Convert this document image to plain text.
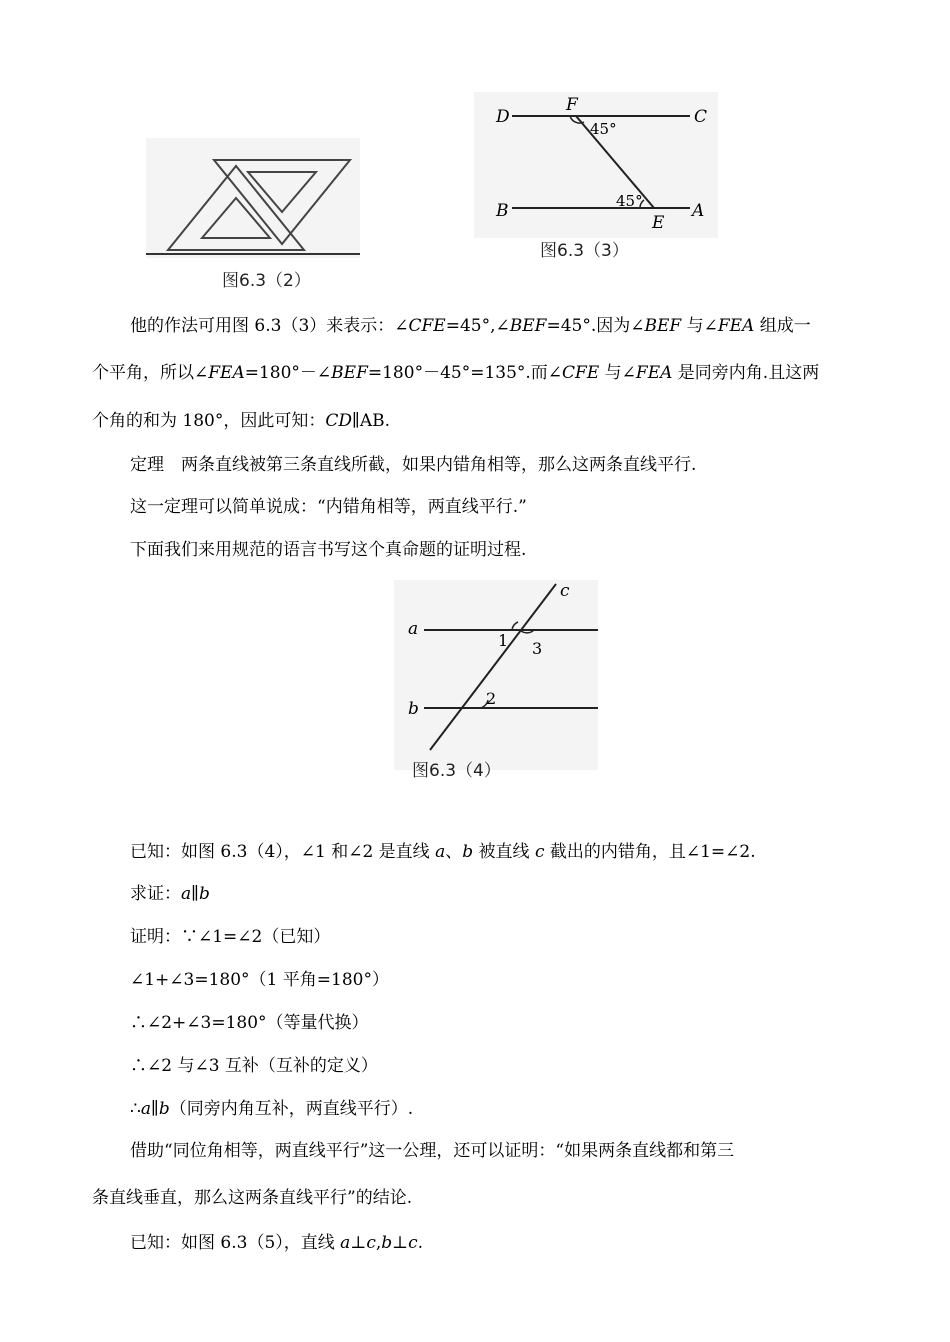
图6.3（2）
D
F
C
45°
B	45°
E
A
图6.3（3）
他的作法可用图 6.3（3）来表示：∠CFE=45°,∠BEF=45°.因为∠BEF 与∠FEA 组成一
个平角，所以∠FEA=180°－∠BEF=180°－45°=135°.而∠CFE 与∠FEA 是同旁内角.且这两
个角的和为 180°，因此可知：CD∥AB.
定理　两条直线被第三条直线所截，如果内错角相等，那么这两条直线平行.
这一定理可以简单说成：“内错角相等，两直线平行.”
下面我们来用规范的语言书写这个真命题的证明过程.
a
b
c
1 3
2
图6.3（4）
已知：如图 6.3（4），∠1 和∠2 是直线 a、b 被直线 c 截出的内错角，且∠1=∠2.
求证：a∥b
证明：∵∠1=∠2（已知）
∠1+∠3=180°（1 平角=180°）
∴∠2+∠3=180°（等量代换）
∴∠2 与∠3 互补（互补的定义）
∴a∥b（同旁内角互补，两直线平行）.
借助“同位角相等，两直线平行”这一公理，还可以证明：“如果两条直线都和第三
条直线垂直，那么这两条直线平行”的结论.
已知：如图 6.3（5），直线 a⊥c,b⊥c.
